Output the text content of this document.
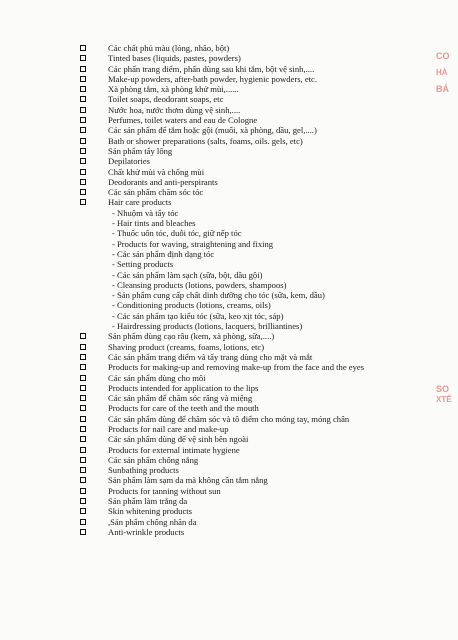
Các chất phủ màu (lỏng, nhão, bột)
Tinted bases (liquids, pastes, powders)
Các phấn trang điểm, phấn dùng sau khi tắm, bột vệ sinh,....
Make-up powders, after-bath powder, hygienic powders, etc.
Xà phòng tắm, xà phòng khử mùi,......
Toilet soaps, deodorant soaps, etc
Nước hoa, nước thơm dùng vệ sinh,....
Perfumes, toilet waters and eau de Cologne
Các sản phẩm để tắm hoặc gội (muối, xà phòng, dầu, gel,....)
Bath or shower preparations (salts, foams, oils. gels, etc)
Sản phẩm tẩy lông
Depilatories
Chất khử mùi và chống mùi
Deodorants and anti-perspirants
Các sản phẩm chăm sóc tóc
Hair care products
- Nhuộm và tẩy tóc
- Hair tints and bleaches
- Thuốc uốn tóc, duỗi tóc, giữ nếp tóc
- Products for waving, straightening and fixing
- Các sản phẩm định dạng tóc
- Setting products
- Các sản phẩm làm sạch (sữa, bột, dầu gội)
- Cleansing products (lotions, powders, shampoos)
- Sản phẩm cung cấp chất dinh dưỡng cho tóc (sữa, kem, dầu)
- Conditioning products (lotions, creams, oils)
- Các sản phẩm tạo kiểu tóc (sữa, keo xịt tóc, sáp)
- Hairdressing products (lotions, lacquers, brilliantines)
Sản phẩm dùng cạo râu (kem, xà phòng, sữa,....)
Shaving product (creams, foams, lotions, etc)
Các sản phẩm trang điểm và tẩy trang dùng cho mặt và mắt
Products for making-up and removing make-up from the face and the eyes
Các sản phẩm dùng cho môi
Products intended for application to the lips
Các sản phẩm để chăm sóc răng và miệng
Products for care of the teeth and the mouth
Các sản phẩm dùng để chăm sóc và tô điểm cho móng tay, móng chân
Products for nail care and make-up
Các sản phẩm dùng để vệ sinh bên ngoài
Products for external intimate hygiene
Các sản phẩm chống nắng
Sunbathing products
Sản phẩm làm sạm da mà không cần tắm nắng
Products for tanning without sun
Sản phẩm làm trắng da
Skin whitening products
,Sản phẩm chống nhăn da
Anti-wrinkle products
CÔ
HÀ
BÁ
SỐ
XTẾ
